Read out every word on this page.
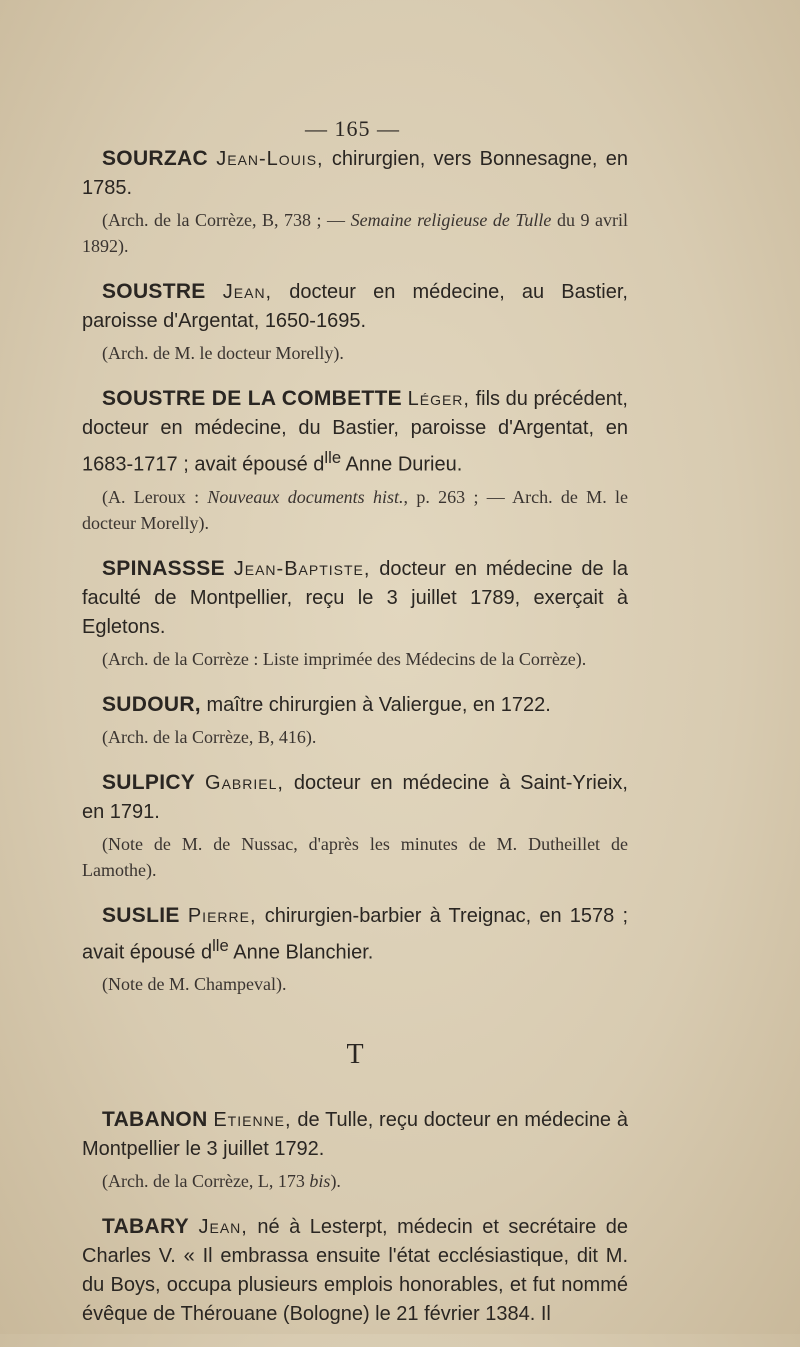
— 165 —

SOURZAC Jean-Louis, chirurgien, vers Bonnesagne, en 1785.

(Arch. de la Corrèze, B, 738 ; — Semaine religieuse de Tulle du 9 avril 1892).

SOUSTRE Jean, docteur en médecine, au Bastier, paroisse d'Argentat, 1650-1695.

(Arch. de M. le docteur Morelly).

SOUSTRE DE LA COMBETTE Léger, fils du précédent, docteur en médecine, du Bastier, paroisse d'Argentat, en 1683-1717 ; avait épousé $d^{lle}$ Anne Durieu.

(A. Leroux : Nouveaux documents hist., p. 263 ; — Arch. de M. le docteur Morelly).

SPINASSSE Jean-Baptiste, docteur en médecine de la faculté de Montpellier, reçu le 3 juillet 1789, exerçait à Egletons.

(Arch. de la Corrèze : Liste imprimée des Médecins de la Corrèze).

SUDOUR, maître chirurgien à Valiergue, en 1722.

(Arch. de la Corrèze, B, 416).

SULPICY Gabriel, docteur en médecine à Saint-Yrieix, en 1791.

(Note de M. de Nussac, d'après les minutes de M. Dutheillet de Lamothe).

SUSLIE Pierre, chirurgien-barbier à Treignac, en 1578 ; avait épousé $d^{lle}$ Anne Blanchier.

(Note de M. Champeval).

T

TABANON Etienne, de Tulle, reçu docteur en médecine à Montpellier le 3 juillet 1792.

(Arch. de la Corrèze, L, 173 bis).

TABARY Jean, né à Lesterpt, médecin et secrétaire de Charles V. « Il embrassa ensuite l'état ecclésiastique, dit M. du Boys, occupa plusieurs emplois honorables, et fut nommé évêque de Thérouane (Bologne) le 21 février 1384. Il
